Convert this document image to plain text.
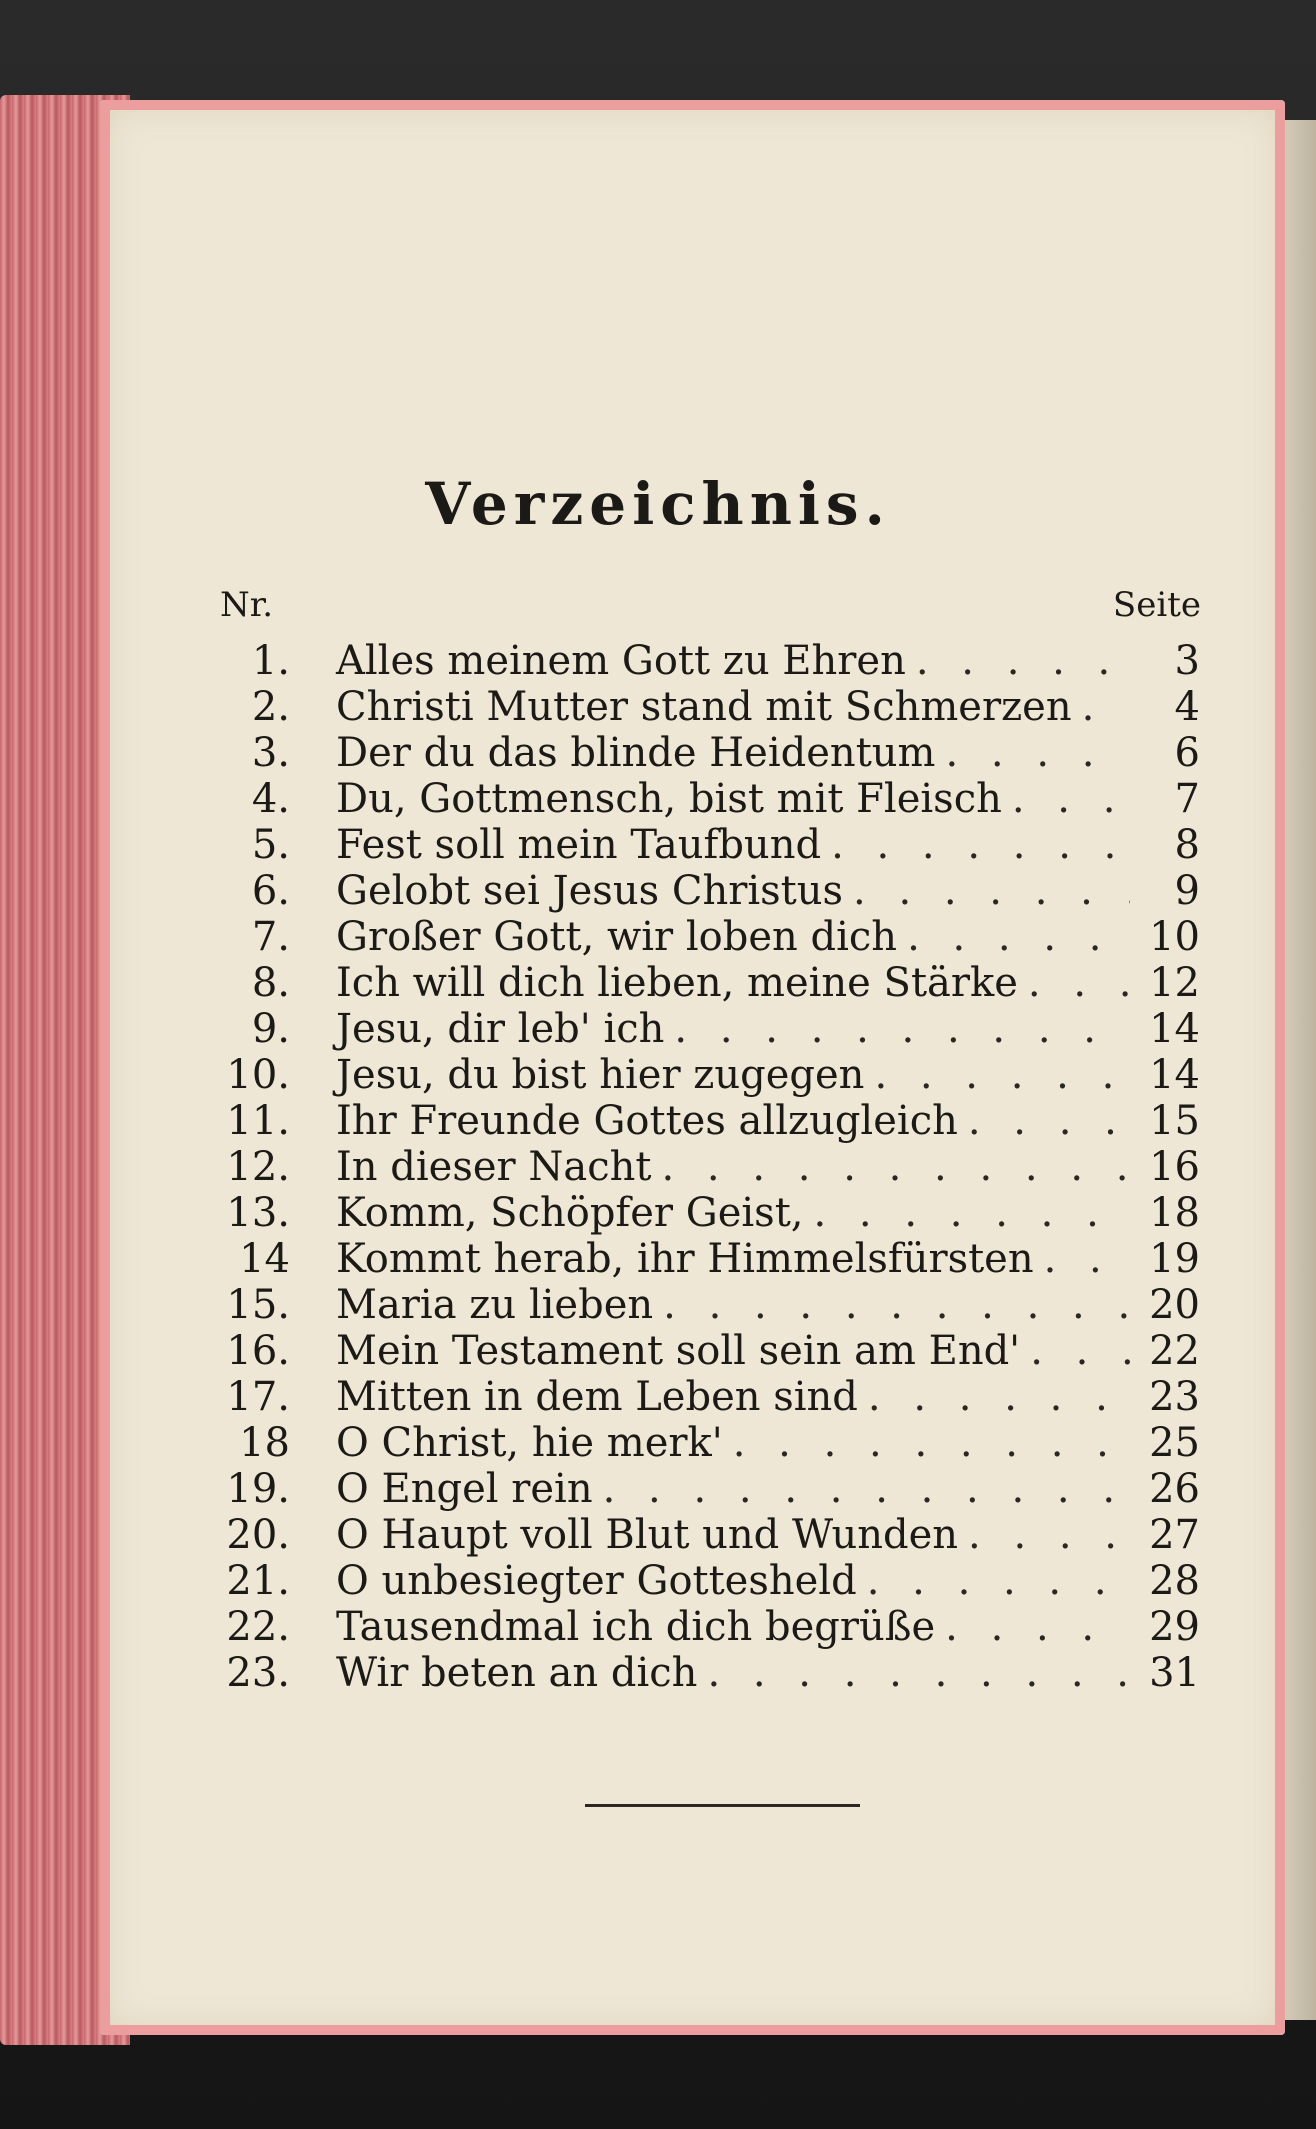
Verzeichnis.
Nr.	Seite
1.	Alles meinem Gott zu Ehren . . .	3
2.	Christi Mutter stand mit Schmerzen . . .	4
3.	Der du das blinde Heidentum . . .	6
4.	Du, Gottmensch, bist mit Fleisch . . .	7
5.	Fest soll mein Taufbund . . .	8
6.	Gelobt sei Jesus Christus . . .	9
7.	Großer Gott, wir loben dich . . .	10
8.	Ich will dich lieben, meine Stärke . . .	12
9.	Jesu, dir leb' ich . . .	14
10.	Jesu, du bist hier zugegen . . .	14
11.	Ihr Freunde Gottes allzugleich . . .	15
12.	In dieser Nacht . . .	16
13.	Komm, Schöpfer Geist, . . .	18
14	Kommt herab, ihr Himmelsfürsten . . .	19
15.	Maria zu lieben . . .	20
16.	Mein Testament soll sein am End' . . .	22
17.	Mitten in dem Leben sind . . .	23
18	O Christ, hie merk' . . .	25
19.	O Engel rein . . .	26
20.	O Haupt voll Blut und Wunden . . .	27
21.	O unbesiegter Gottesheld . . .	28
22.	Tausendmal ich dich begrüße . . .	29
23.	Wir beten an dich . . .	31
